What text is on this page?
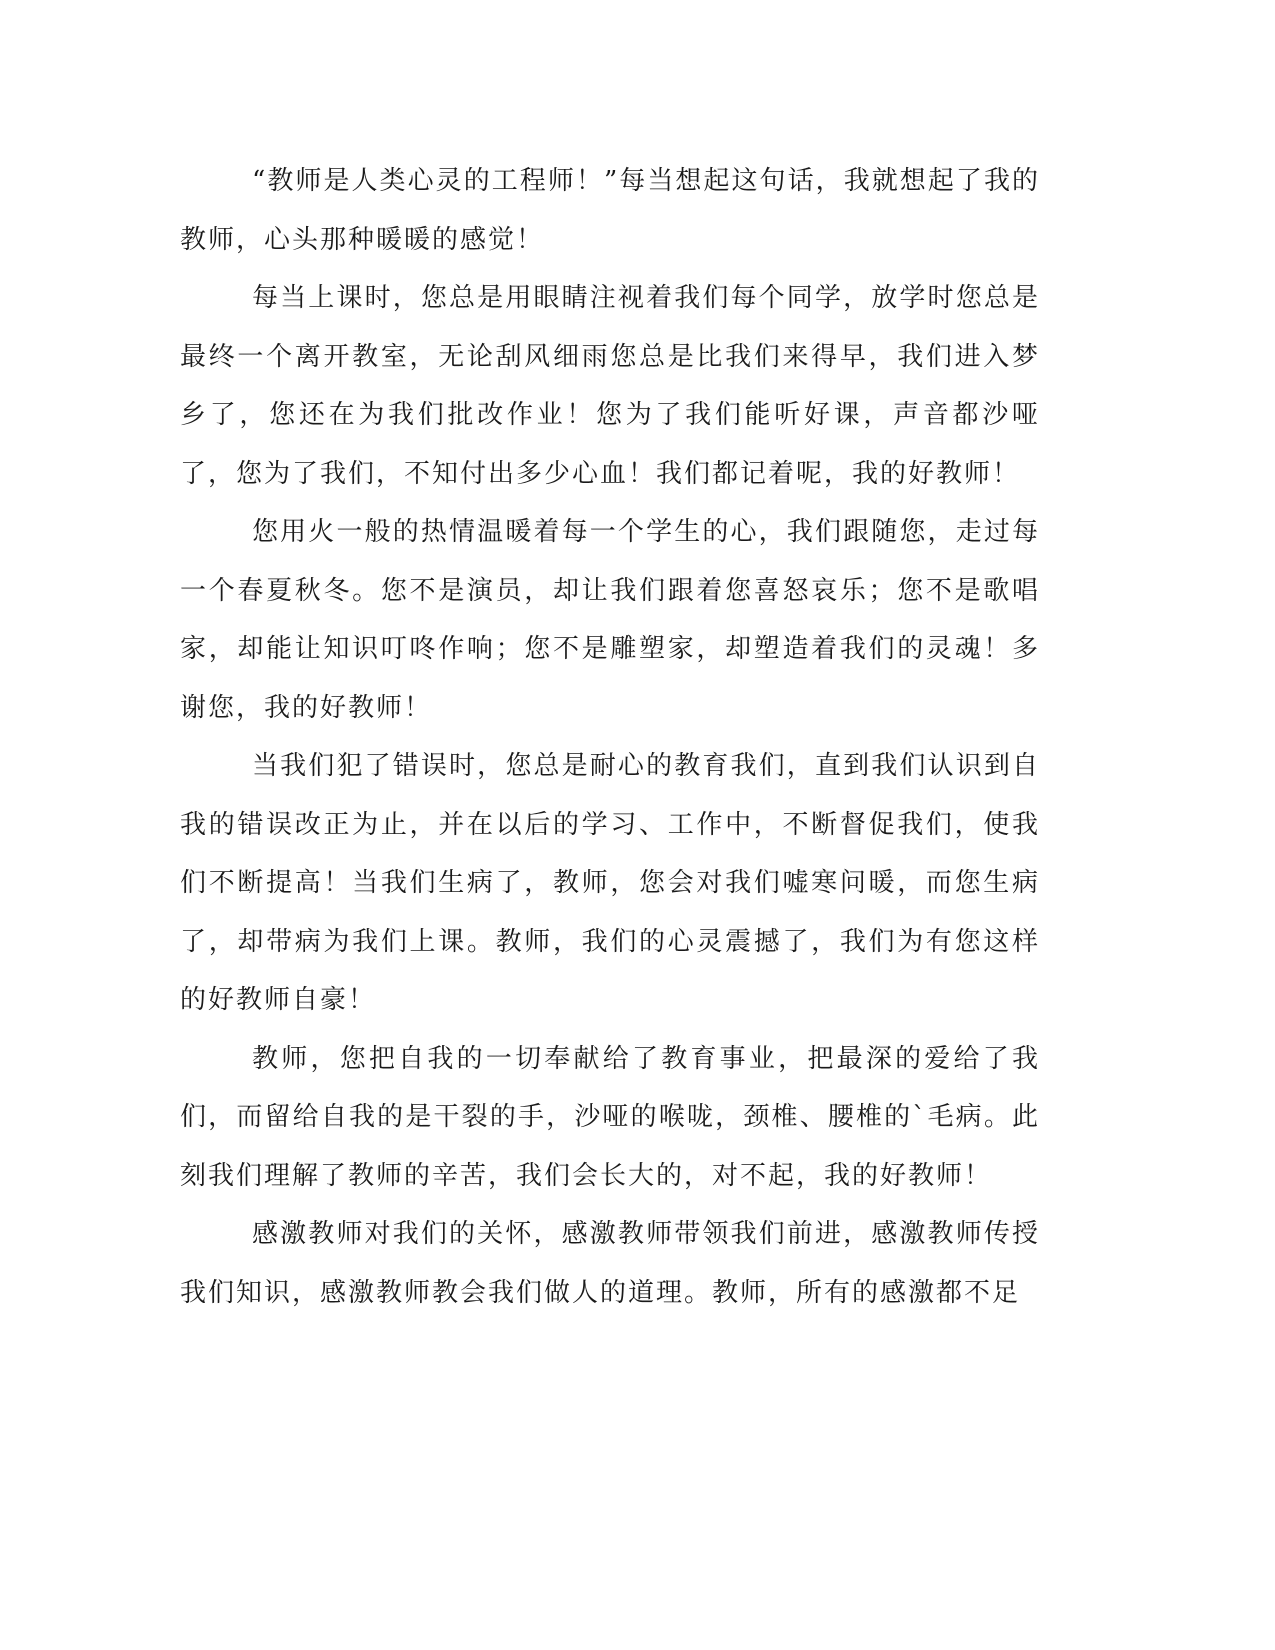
“教师是人类心灵的工程师！”每当想起这句话，我就想起了我的教师，心头那种暖暖的感觉！

每当上课时，您总是用眼睛注视着我们每个同学，放学时您总是最终一个离开教室，无论刮风细雨您总是比我们来得早，我们进入梦乡了，您还在为我们批改作业！您为了我们能听好课，声音都沙哑了，您为了我们，不知付出多少心血！我们都记着呢，我的好教师！

您用火一般的热情温暖着每一个学生的心，我们跟随您，走过每一个春夏秋冬。您不是演员，却让我们跟着您喜怒哀乐；您不是歌唱家，却能让知识叮咚作响；您不是雕塑家，却塑造着我们的灵魂！多谢您，我的好教师！

当我们犯了错误时，您总是耐心的教育我们，直到我们认识到自我的错误改正为止，并在以后的学习、工作中，不断督促我们，使我们不断提高！当我们生病了，教师，您会对我们嘘寒问暖，而您生病了，却带病为我们上课。教师，我们的心灵震撼了，我们为有您这样的好教师自豪！

教师，您把自我的一切奉献给了教育事业，把最深的爱给了我们，而留给自我的是干裂的手，沙哑的喉咙，颈椎、腰椎的`毛病。此刻我们理解了教师的辛苦，我们会长大的，对不起，我的好教师！

感激教师对我们的关怀，感激教师带领我们前进，感激教师传授我们知识，感激教师教会我们做人的道理。教师，所有的感激都不足
